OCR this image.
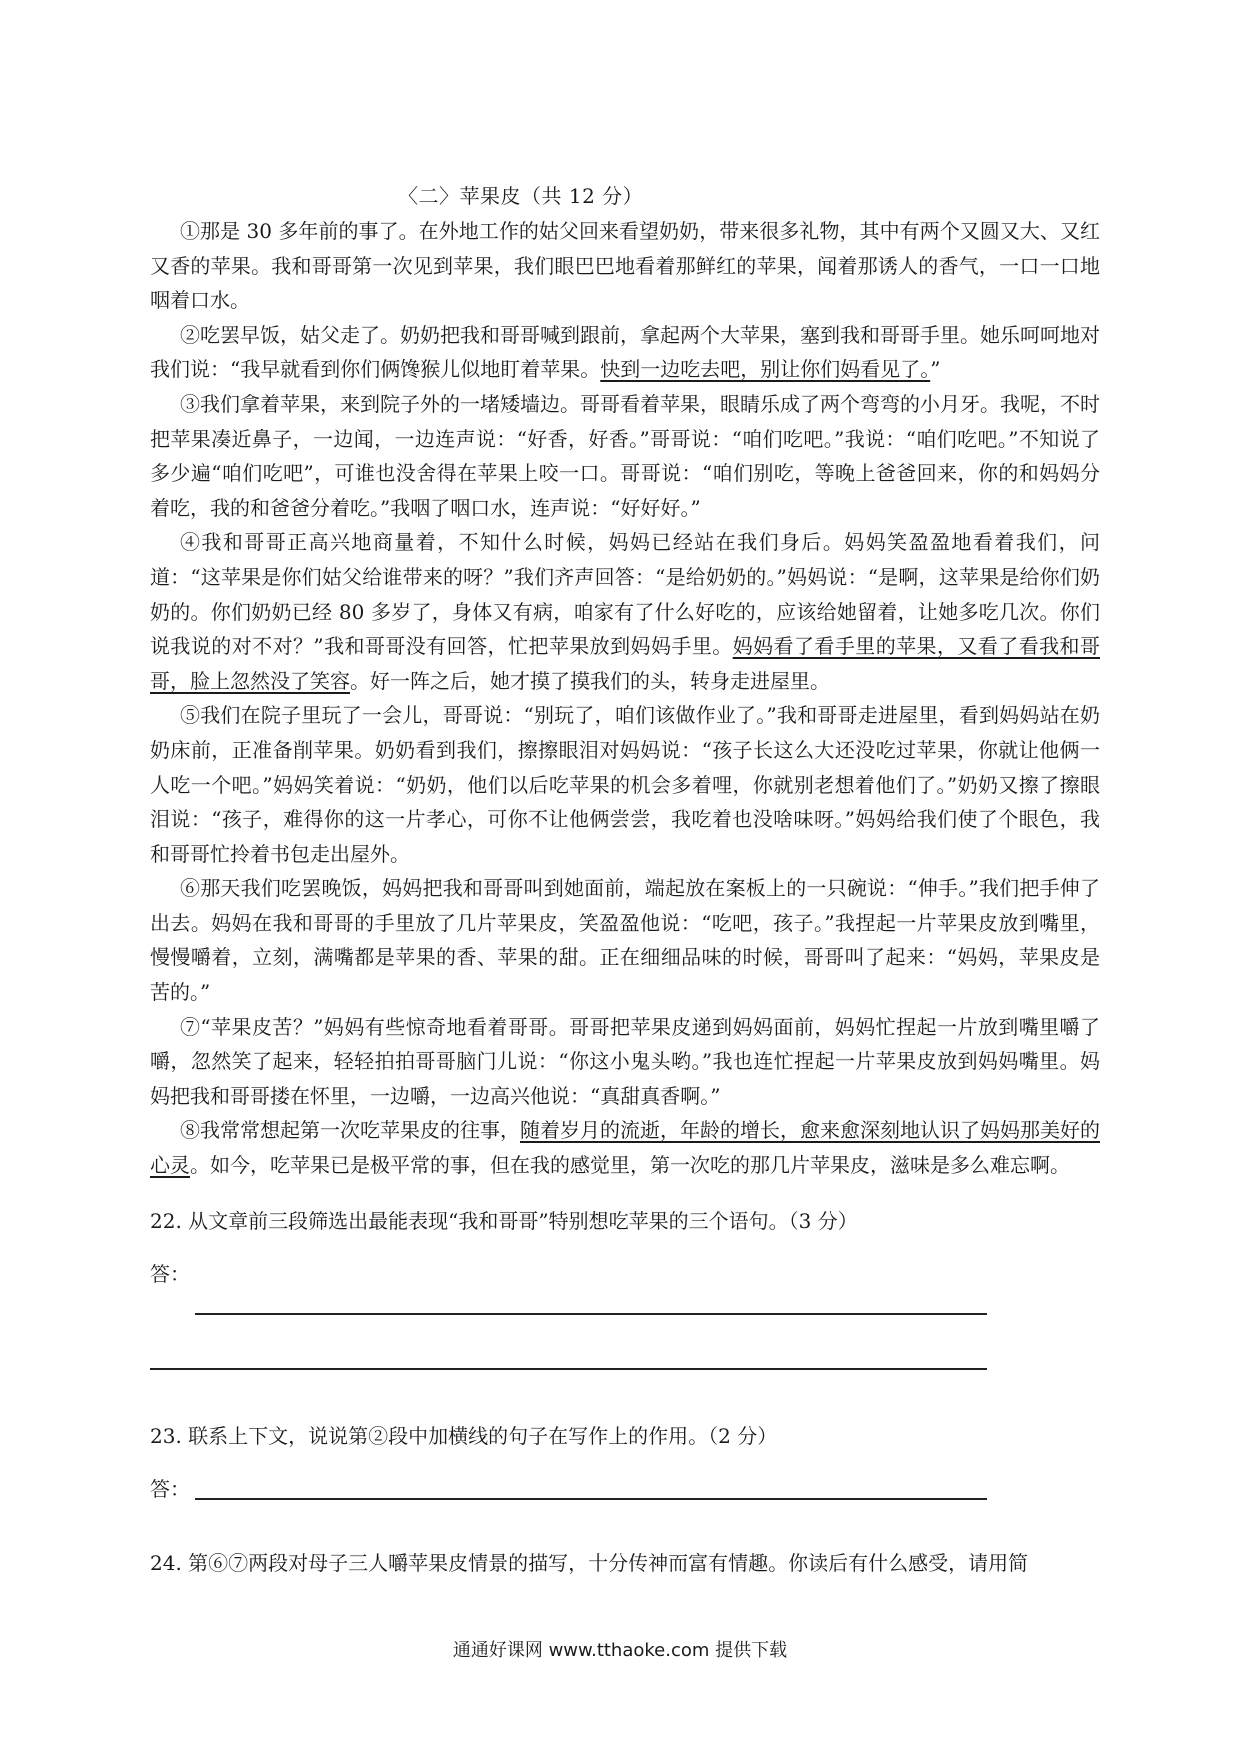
〈二〉苹果皮（共 12 分）

①那是 30 多年前的事了。在外地工作的姑父回来看望奶奶，带来很多礼物，其中有两个又圆又大、又红又香的苹果。我和哥哥第一次见到苹果，我们眼巴巴地看着那鲜红的苹果，闻着那诱人的香气，一口一口地咽着口水。

②吃罢早饭，姑父走了。奶奶把我和哥哥喊到跟前，拿起两个大苹果，塞到我和哥哥手里。她乐呵呵地对我们说：“我早就看到你们俩馋猴儿似地盯着苹果。快到一边吃去吧，别让你们妈看见了。”

③我们拿着苹果，来到院子外的一堵矮墙边。哥哥看着苹果，眼睛乐成了两个弯弯的小月牙。我呢，不时把苹果凑近鼻子，一边闻，一边连声说：“好香，好香。”哥哥说：“咱们吃吧。”我说：“咱们吃吧。”不知说了多少遍“咱们吃吧”，可谁也没舍得在苹果上咬一口。哥哥说：“咱们别吃，等晚上爸爸回来，你的和妈妈分着吃，我的和爸爸分着吃。”我咽了咽口水，连声说：“好好好。”

④我和哥哥正高兴地商量着，不知什么时候，妈妈已经站在我们身后。妈妈笑盈盈地看着我们，问道：“这苹果是你们姑父给谁带来的呀？”我们齐声回答：“是给奶奶的。”妈妈说：“是啊，这苹果是给你们奶奶的。你们奶奶已经 80 多岁了，身体又有病，咱家有了什么好吃的，应该给她留着，让她多吃几次。你们说我说的对不对？”我和哥哥没有回答，忙把苹果放到妈妈手里。妈妈看了看手里的苹果，又看了看我和哥哥，脸上忽然没了笑容。好一阵之后，她才摸了摸我们的头，转身走进屋里。

⑤我们在院子里玩了一会儿，哥哥说：“别玩了，咱们该做作业了。”我和哥哥走进屋里，看到妈妈站在奶奶床前，正准备削苹果。奶奶看到我们，擦擦眼泪对妈妈说：“孩子长这么大还没吃过苹果，你就让他俩一人吃一个吧。”妈妈笑着说：“奶奶，他们以后吃苹果的机会多着哩，你就别老想着他们了。”奶奶又擦了擦眼泪说：“孩子，难得你的这一片孝心，可你不让他俩尝尝，我吃着也没啥味呀。”妈妈给我们使了个眼色，我和哥哥忙拎着书包走出屋外。

⑥那天我们吃罢晚饭，妈妈把我和哥哥叫到她面前，端起放在案板上的一只碗说：“伸手。”我们把手伸了出去。妈妈在我和哥哥的手里放了几片苹果皮，笑盈盈他说：“吃吧，孩子。”我捏起一片苹果皮放到嘴里，慢慢嚼着，立刻，满嘴都是苹果的香、苹果的甜。正在细细品味的时候，哥哥叫了起来：“妈妈，苹果皮是苦的。”

⑦“苹果皮苦？”妈妈有些惊奇地看着哥哥。哥哥把苹果皮递到妈妈面前，妈妈忙捏起一片放到嘴里嚼了嚼，忽然笑了起来，轻轻拍拍哥哥脑门儿说：“你这小鬼头哟。”我也连忙捏起一片苹果皮放到妈妈嘴里。妈妈把我和哥哥搂在怀里，一边嚼，一边高兴他说：“真甜真香啊。”

⑧我常常想起第一次吃苹果皮的往事，随着岁月的流逝，年龄的增长，愈来愈深刻地认识了妈妈那美好的心灵。如今，吃苹果已是极平常的事，但在我的感觉里，第一次吃的那几片苹果皮，滋味是多么难忘啊。

22. 从文章前三段筛选出最能表现“我和哥哥”特别想吃苹果的三个语句。（3 分）
答：
23. 联系上下文，说说第②段中加横线的句子在写作上的作用。（2 分）
答：
24. 第⑥⑦两段对母子三人嚼苹果皮情景的描写，十分传神而富有情趣。你读后有什么感受，请用简
通通好课网 www.tthaoke.com 提供下载
